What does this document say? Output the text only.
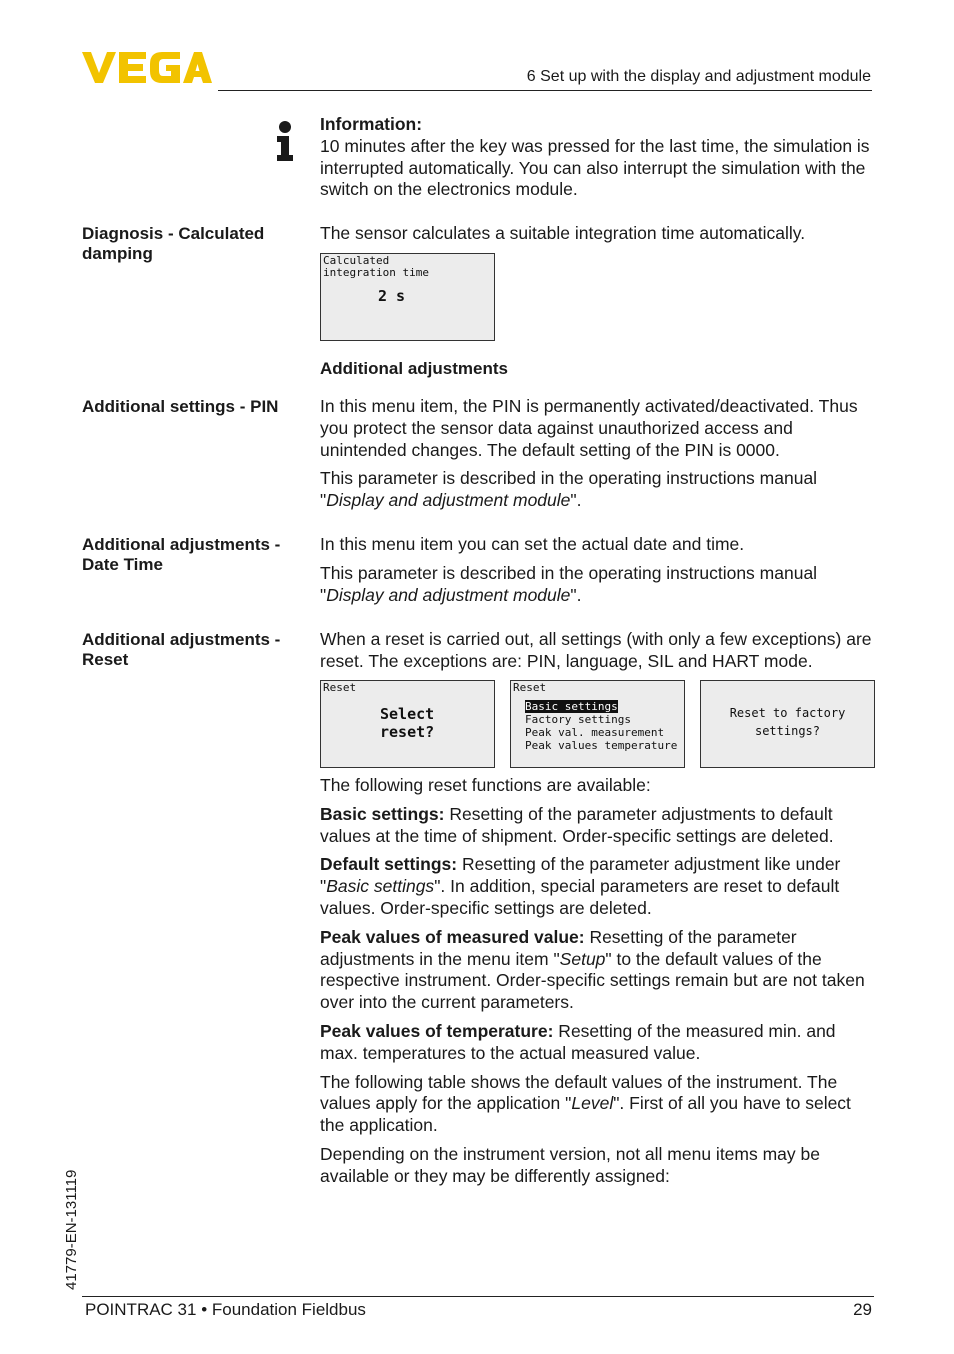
6 Set up with the display and adjustment module
Information:
10 minutes after the key was pressed for the last time, the simulation is interrupted automatically. You can also interrupt the simulation with the switch on the electronics module.
Diagnosis - Calculated damping
The sensor calculates a suitable integration time automatically.
Calculated
integration time
2 s
Additional adjustments
Additional settings - PIN	In this menu item, the PIN is permanently activated/deactivated. Thus you protect the sensor data against unauthorized access and unintended changes. The default setting of the PIN is 0000.

This parameter is described in the operating instructions manual "Display and adjustment module".

Additional adjustments - Date Time

In this menu item you can set the actual date and time.

This parameter is described in the operating instructions manual "Display and adjustment module".

Additional adjustments - Reset
When a reset is carried out, all settings (with only a few exceptions) are reset. The exceptions are: PIN, language, SIL and HART mode.
Reset
Select
reset?
Reset
Basic settings
Factory settings
Peak val. measurement
Peak values temperature
Reset to factory
settings?

The following reset functions are available:

Basic settings: Resetting of the parameter adjustments to default values at the time of shipment. Order-specific settings are deleted.

Default settings: Resetting of the parameter adjustment like under "Basic settings". In addition, special parameters are reset to default values. Order-specific settings are deleted.

Peak values of measured value: Resetting of the parameter adjustments in the menu item "Setup" to the default values of the respective instrument. Order-specific settings remain but are not taken over into the current parameters.

Peak values of temperature: Resetting of the measured min. and max. temperatures to the actual measured value.

The following table shows the default values of the instrument. The values apply for the application "Level". First of all you have to select the application.

Depending on the instrument version, not all menu items may be available or they may be differently assigned:

41779-EN-131119
POINTRAC 31 • Foundation Fieldbus	29
